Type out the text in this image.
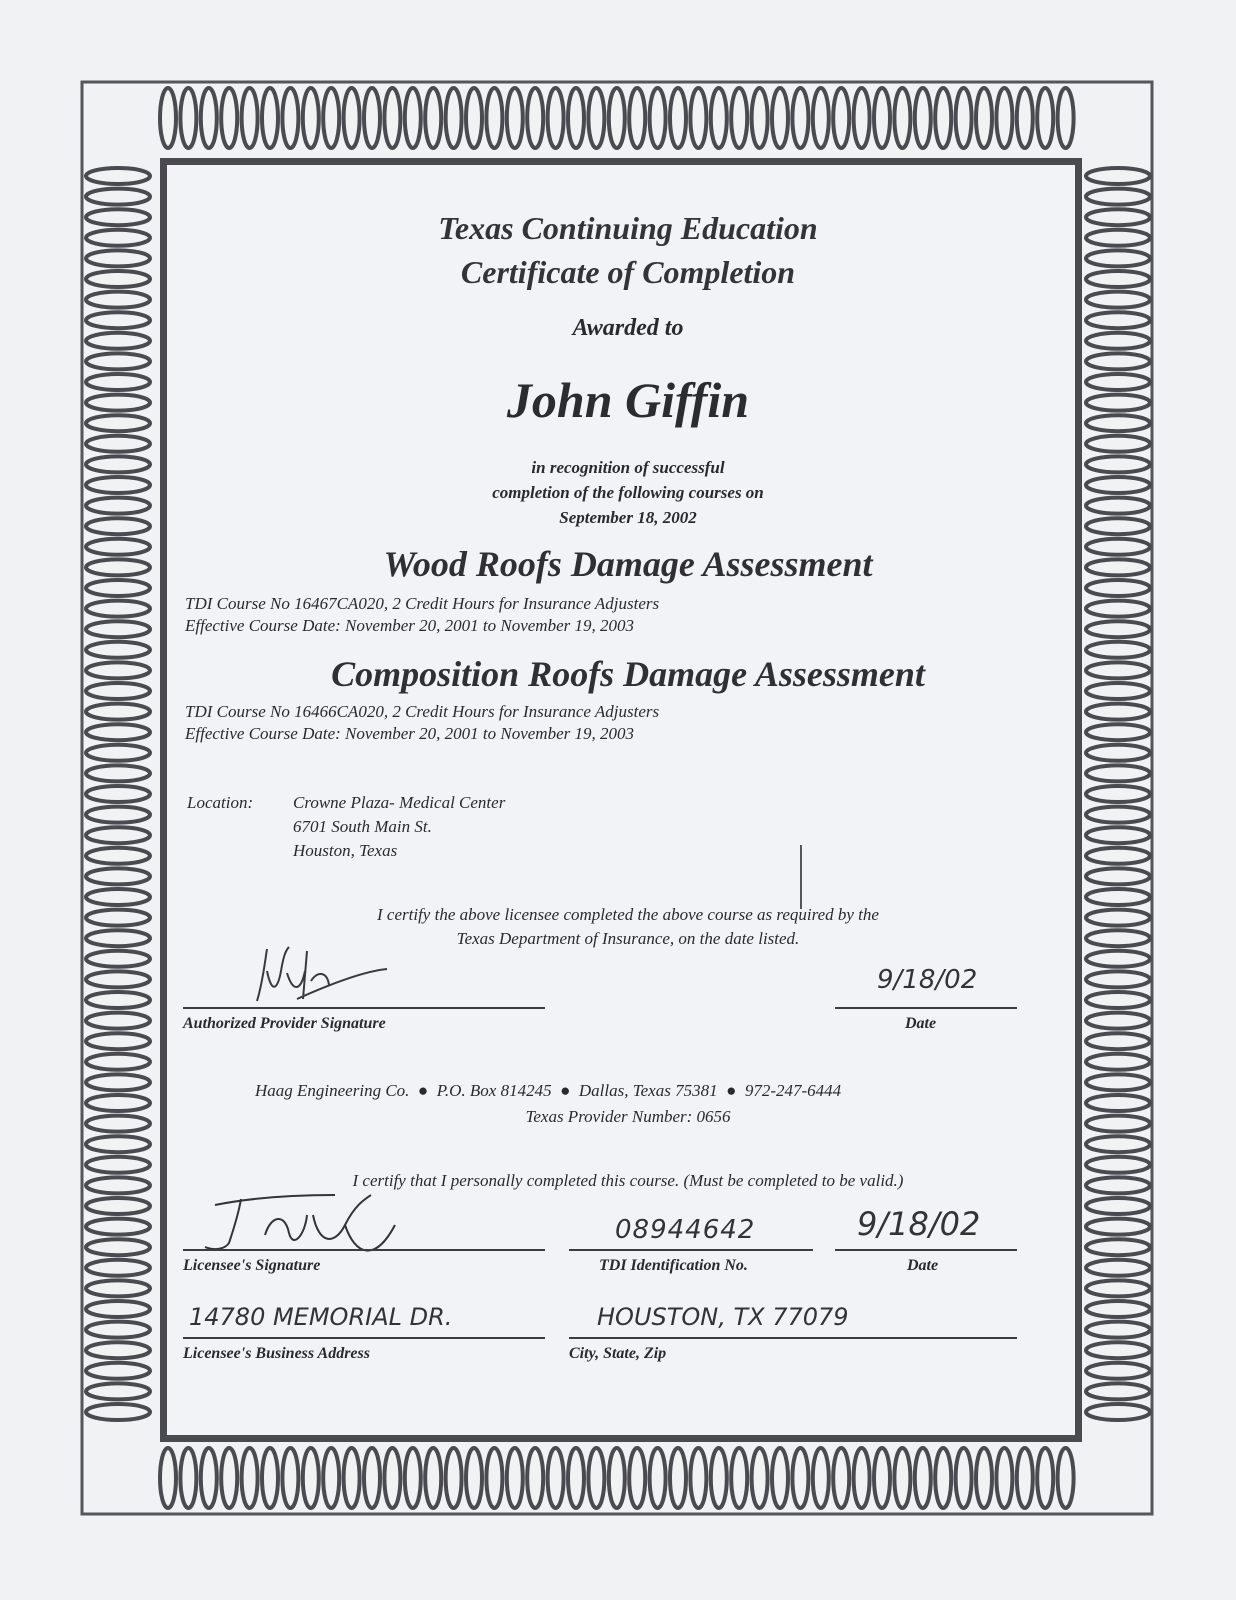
Texas Continuing Education
Certificate of Completion
Awarded to
John Giffin
in recognition of successful
completion of the following courses on
September 18, 2002
Wood Roofs Damage Assessment
TDI Course No 16467CA020, 2 Credit Hours for Insurance Adjusters
Effective Course Date: November 20, 2001 to November 19, 2003
Composition Roofs Damage Assessment
TDI Course No 16466CA020, 2 Credit Hours for Insurance Adjusters
Effective Course Date: November 20, 2001 to November 19, 2003
Location: Crowne Plaza- Medical Center
6701 South Main St.
Houston, Texas
I certify the above licensee completed the above course as required by the
Texas Department of Insurance, on the date listed.
Authorized Provider Signature
9/18/02
Date
Haag Engineering Co.  ●  P.O. Box 814245  ●  Dallas, Texas 75381  ●  972-247-6444
Texas Provider Number: 0656
I certify that I personally completed this course. (Must be completed to be valid.)
Licensee's Signature
08944642
TDI Identification No.
9/18/02
Date
14780 MEMORIAL DR.
Licensee's Business Address
HOUSTON, TX 77079
City, State, Zip
